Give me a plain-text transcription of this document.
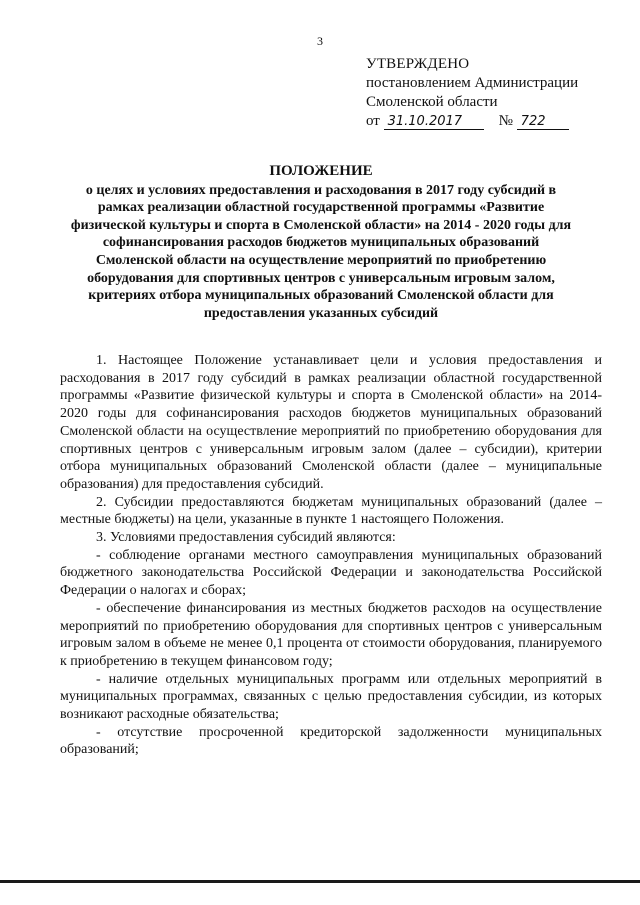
3
УТВЕРЖДЕНО
постановлением Администрации
Смоленской области
от 31.10.2017 № 722
ПОЛОЖЕНИЕ
о целях и условиях предоставления и расходования в 2017 году субсидий в рамках реализации областной государственной программы «Развитие физической культуры и спорта в Смоленской области» на 2014 - 2020 годы для софинансирования расходов бюджетов муниципальных образований Смоленской области на осуществление мероприятий по приобретению оборудования для спортивных центров с универсальным игровым залом, критериях отбора муниципальных образований Смоленской области для предоставления указанных субсидий

1. Настоящее Положение устанавливает цели и условия предоставления и расходования в 2017 году субсидий в рамках реализации областной государственной программы «Развитие физической культуры и спорта в Смоленской области» на 2014-2020 годы для софинансирования расходов бюджетов муниципальных образований Смоленской области на осуществление мероприятий по приобретению оборудования для спортивных центров с универсальным игровым залом (далее – субсидии), критерии отбора муниципальных образований Смоленской области (далее – муниципальные образования) для предоставления субсидий.

2. Субсидии предоставляются бюджетам муниципальных образований (далее – местные бюджеты) на цели, указанные в пункте 1 настоящего Положения.

3. Условиями предоставления субсидий являются:

- соблюдение органами местного самоуправления муниципальных образований бюджетного законодательства Российской Федерации и законодательства Российской Федерации о налогах и сборах;

- обеспечение финансирования из местных бюджетов расходов на осуществление мероприятий по приобретению оборудования для спортивных центров с универсальным игровым залом в объеме не менее 0,1 процента от стоимости оборудования, планируемого к приобретению в текущем финансовом году;

- наличие отдельных муниципальных программ или отдельных мероприятий в муниципальных программах, связанных с целью предоставления субсидии, из которых возникают расходные обязательства;

- отсутствие просроченной кредиторской задолженности муниципальных образований;
